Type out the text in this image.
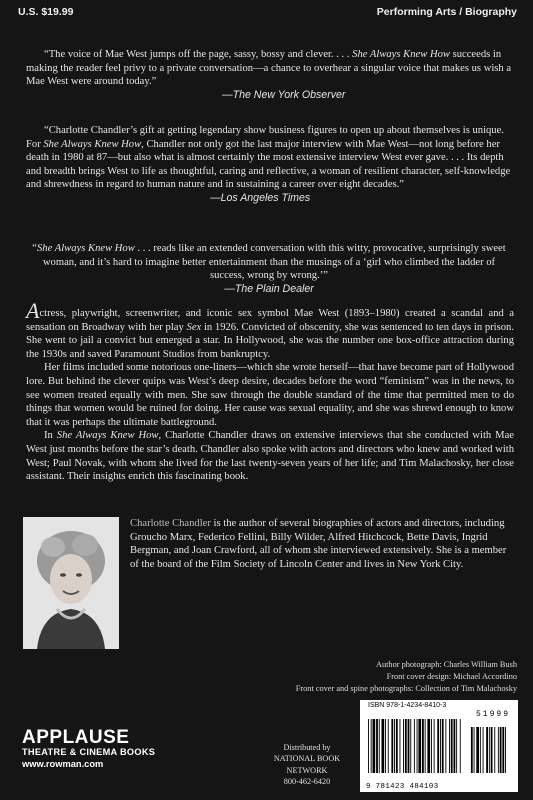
U.S. $19.99	Performing Arts / Biography

“The voice of Mae West jumps off the page, sassy, bossy and clever. . . . She Always Knew How succeeds in making the reader feel privy to a private conversation—a chance to overhear a singular voice that makes us wish a Mae West were around today.”

—The New York Observer

“Charlotte Chandler’s gift at getting legendary show business figures to open up about themselves is unique. For She Always Knew How, Chandler not only got the last major interview with Mae West—not long before her death in 1980 at 87—but also what is almost certainly the most extensive interview West ever gave. . . . Its depth and breadth brings West to life as thoughtful, caring and reflective, a woman of resilient character, self-knowledge and shrewdness in regard to human nature and in sustaining a career over eight decades.”

—Los Angeles Times

“She Always Knew How . . . reads like an extended conversation with this witty, provocative, surprisingly sweet woman, and it’s hard to imagine better entertainment than the musings of a ‘girl who climbed the ladder of success, wrong by wrong.’”

—The Plain Dealer

Actress, playwright, screenwriter, and iconic sex symbol Mae West (1893–1980) created a scandal and a sensation on Broadway with her play Sex in 1926. Convicted of obscenity, she was sentenced to ten days in prison. She went to jail a convict but emerged a star. In Hollywood, she was the number one box-office attraction during the 1930s and saved Paramount Studios from bankruptcy.

Her films included some notorious one-liners—which she wrote herself—that have become part of Hollywood lore. But behind the clever quips was West’s deep desire, decades before the word “feminism” was in the news, to see women treated equally with men. She saw through the double standard of the time that permitted men to do things that women would be ruined for doing. Her cause was sexual equality, and she was shrewd enough to know that it was perhaps the ultimate battleground.

In She Always Knew How, Charlotte Chandler draws on extensive interviews that she conducted with Mae West just months before the star’s death. Chandler also spoke with actors and directors who knew and worked with West; Paul Novak, with whom she lived for the last twenty-seven years of her life; and Tim Malachosky, her close assistant. Their insights enrich this fascinating book.

Charlotte Chandler is the author of several biographies of actors and directors, including Groucho Marx, Federico Fellini, Billy Wilder, Alfred Hitchcock, Bette Davis, Ingrid Bergman, and Joan Crawford, all of whom she interviewed extensively. She is a member of the board of the Film Society of Lincoln Center and lives in New York City.
Author photograph: Charles William Bush
Front cover design: Michael Accordino
Front cover and spine photographs: Collection of Tim Malachosky
APPLAUSE
THEATRE & CINEMA BOOKS
www.rowman.com
Distributed by
NATIONAL BOOK NETWORK
800-462-6420
ISBN 978-1-4234-8410-3
51999
9 781423 484103
